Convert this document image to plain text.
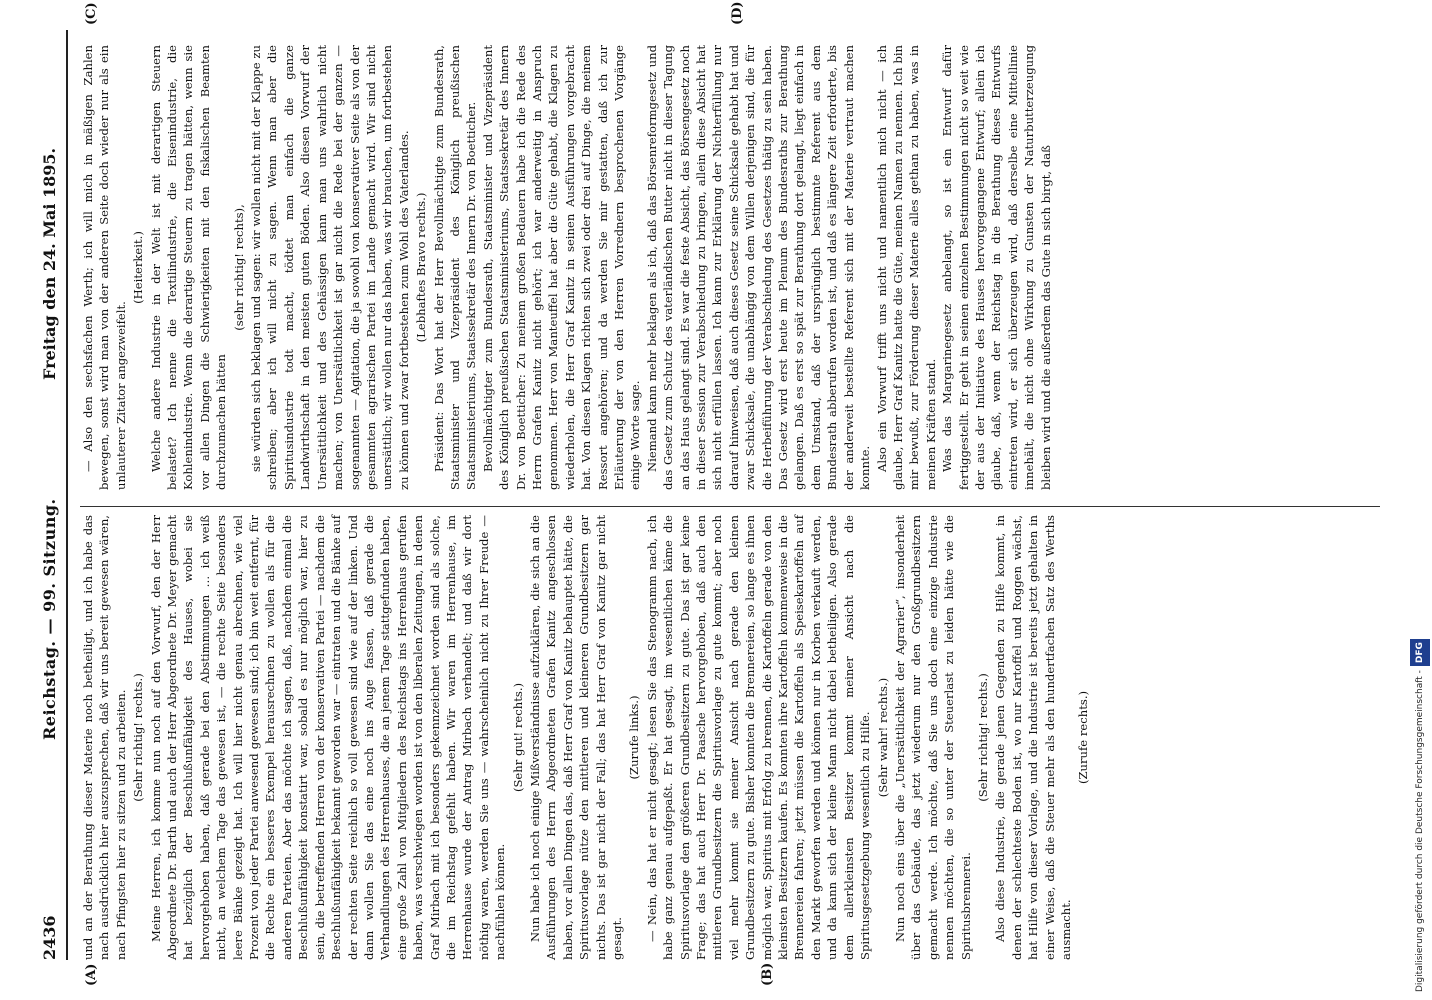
2436
Reichstag. — 99. Sitzung.
Freitag den 24. Mai 1895.
(A)	(B)
(C)	(D)

und an der Berathung dieser Materie noch betheiligt, und ich habe das nach ausdrücklich hier auszusprechen, daß wir uns bereit gewesen wären, nach Pfingsten hier zu sitzen und zu arbeiten. (Sehr richtig! rechts.) Meine Herren, ich komme nun noch auf den Vorwurf, den der Herr Abgeordnete Dr. Barth und auch der Herr Abgeordnete Dr. Meyer gemacht hat bezüglich der Beschlußunfähigkeit des Hauses, wobei sie hervorgehoben haben, daß gerade bei den Abstimmungen … ich weiß nicht, an welchem Tage das gewesen ist, — die rechte Seite besonders leere Bänke gezeigt hat. Ich will hier nicht genau abrechnen, wie viel Prozent von jeder Partei anwesend gewesen sind; ich bin weit entfernt, für die Rechte ein besseres Exempel herausrechnen zu wollen als für die anderen Parteien. Aber das möchte ich sagen, daß, nachdem einmal die Beschlußunfähigkeit konstatirt war, sobald es nur möglich war, hier zu sein, die betreffenden Herren von der konservativen Partei — nachdem die Beschlußunfähigkeit bekannt geworden war — eintraten und die Bänke auf der rechten Seite reichlich so voll gewesen sind wie auf der linken. Und dann wollen Sie das eine noch ins Auge fassen, daß gerade die Verhandlungen des Herrenhauses, die an jenem Tage stattgefunden haben, eine große Zahl von Mitgliedern des Reichstags ins Herrenhaus gerufen haben, was verschwiegen worden ist von den liberalen Zeitungen, in denen Graf Mirbach mit ich besonders gekennzeichnet worden sind als solche, die im Reichstag gefehlt haben. Wir waren im Herrenhause, im Herrenhause wurde der Antrag Mirbach verhandelt; und daß wir dort nöthig waren, werden Sie uns — wahrscheinlich nicht zu Ihrer Freude — nachfühlen können.

(Sehr gut! rechts.) Nun habe ich noch einige Mißverständnisse aufzuklären, die sich an die Ausführungen des Herrn Abgeordneten Grafen Kanitz angeschlossen haben, vor allen Dingen das, daß Herr Graf von Kanitz behauptet hätte, die Spiritusvorlage nütze den mittleren und kleineren Grundbesitzern gar nichts. Das ist gar nicht der Fall; das hat Herr Graf von Kanitz gar nicht gesagt.

(Zurufe links.) — Nein, das hat er nicht gesagt; lesen Sie das Stenogramm nach, ich habe ganz genau aufgepaßt. Er hat gesagt, im wesentlichen käme die Spiritusvorlage den größeren Grundbesitzern zu gute. Das ist gar keine Frage; das hat auch Herr Dr. Paasche hervorgehoben, daß auch den mittleren Grundbesitzern die Spiritusvorlage zu gute kommt; aber noch viel mehr kommt sie meiner Ansicht nach gerade den kleinen Grundbesitzern zu gute. Bisher konnten die Brennereien, so lange es ihnen möglich war, Spiritus mit Erfolg zu brennen, die Kartoffeln gerade von den kleinsten Besitzern kaufen. Es konnten ihre Kartoffeln kommenweise in die Brennereien fahren; jetzt müssen die Kartoffeln als Speisekartoffeln auf den Markt geworfen werden und können nur in Korben verkauft werden, und da kann sich der kleine Mann nicht dabei betheiligen. Also gerade dem allerkleinsten Besitzer kommt meiner Ansicht nach die Spiritusgesetzgebung wesentlich zu Hilfe. (Sehr wahr! rechts.) Nun noch eins über die „Unersättlichkeit der Agrarier“, insonderheit über das Gebäude, das jetzt wiederum nur den Großgrundbesitzern gemacht werde. Ich möchte, daß Sie uns doch eine einzige Industrie nennen möchten, die so unter der Steuerlast zu leiden hätte wie die Spiritusbrennerei.

(Sehr richtig! rechts.) Also diese Industrie, die gerade jenen Gegenden zu Hilfe kommt, in denen der schlechteste Boden ist, wo nur Kartoffel und Roggen wächst, hat Hilfe von dieser Vorlage, und die Industrie ist bereits jetzt gehalten in einer Weise, daß die Steuer mehr als den hundertfachen Satz des Werths ausmacht.

(Zurufe rechts.)

— Also den sechsfachen Werth; ich will mich in mäßigen Zahlen bewegen, sonst wird man von der anderen Seite doch wieder nur als ein unlauterer Zitator angezweifelt.

(Heiterkeit.) Welche andere Industrie in der Welt ist mit derartigen Steuern belastet? Ich nenne die Textilindustrie, die Eisenindustrie, die Kohlenindustrie. Wenn die derartige Steuern zu tragen hätten, wenn sie vor allen Dingen die Schwierigkeiten mit den fiskalischen Beamten durchzumachen hätten

(sehr richtig! rechts), sie würden sich beklagen und sagen: wir wollen nicht mit der Klappe zu schreiben; aber ich will nicht zu sagen. Wenn man aber die Spiritusindustrie todt macht, tödtet man einfach die ganze Landwirthschaft in den meisten guten Böden. Also diesen Vorwurf der Unersättlichkeit und des Gehässigen kann man uns wahrlich nicht machen; von Unersättlichkeit ist gar nicht die Rede bei der ganzen — sogenannten — Agitation, die ja sowohl von konservativer Seite als von der gesammten agrarischen Partei im Lande gemacht wird. Wir sind nicht unersättlich; wir wollen nur das haben, was wir brauchen, um fortbestehen zu können und zwar fortbestehen zum Wohl des Vaterlandes. (Lebhaftes Bravo rechts.) Präsident: Das Wort hat der Herr Bevollmächtigte zum Bundesrath, Staatsminister und Vizepräsident des Königlich preußischen Staatsministeriums, Staatssekretär des Innern Dr. von Boetticher. Bevollmächtigter zum Bundesrath, Staatsminister und Vizepräsident des Königlich preußischen Staatsministeriums, Staatssekretär des Innern Dr. von Boetticher: Zu meinem großen Bedauern habe ich die Rede des Herrn Grafen Kanitz nicht gehört; ich war anderweitig in Anspruch genommen. Herr von Manteuffel hat aber die Güte gehabt, die Klagen zu wiederholen, die Herr Graf Kanitz in seinen Ausführungen vorgebracht hat. Von diesen Klagen richten sich zwei oder drei auf Dinge, die meinem Ressort angehören; und da werden Sie mir gestatten, daß ich zur Erläuterung der von den Herren Vorrednern besprochenen Vorgänge einige Worte sage. Niemand kann mehr beklagen als ich, daß das Börsenreformgesetz und das Gesetz zum Schutz des vaterländischen Butter nicht in dieser Tagung an das Haus gelangt sind. Es war die feste Absicht, das Börsengesetz noch in dieser Session zur Verabschiedung zu bringen, allein diese Absicht hat sich nicht erfüllen lassen. Ich kann zur Erklärung der Nichterfüllung nur darauf hinweisen, daß auch dieses Gesetz seine Schicksale gehabt hat und zwar Schicksale, die unabhängig von dem Willen derjenigen sind, die für die Herbeiführung der Verabschiedung des Gesetzes thätig zu sein haben. Das Gesetz wird erst heute im Plenum des Bundesraths zur Berathung gelangen. Daß es erst so spät zur Berathung dort gelangt, liegt einfach in dem Umstand, daß der ursprünglich bestimmte Referent aus dem Bundesrath abberufen worden ist, und daß es längere Zeit erforderte, bis der anderweit bestellte Referent sich mit der Materie vertraut machen konnte. Also ein Vorwurf trifft uns nicht und namentlich mich nicht — ich glaube, Herr Graf Kanitz hatte die Güte, meinen Namen zu nennen. Ich bin mir bewußt, zur Förderung dieser Materie alles gethan zu haben, was in meinen Kräften stand. Was das Margarinegesetz anbelangt, so ist ein Entwurf dafür fertiggestellt. Er geht in seinen einzelnen Bestimmungen nicht so weit wie der aus der Initiative des Hauses hervorgegangene Entwurf; allein ich glaube, daß, wenn der Reichstag in die Berathung dieses Entwurfs eintreten wird, er sich überzeugen wird, daß derselbe eine Mittellinie innehält, die nicht ohne Wirkung zu Gunsten der Naturbutterzeugung bleiben wird und die außerdem das Gute in sich birgt, daß

Digitalisierung gefördert durch die Deutsche Forschungsgemeinschaft -DFG
